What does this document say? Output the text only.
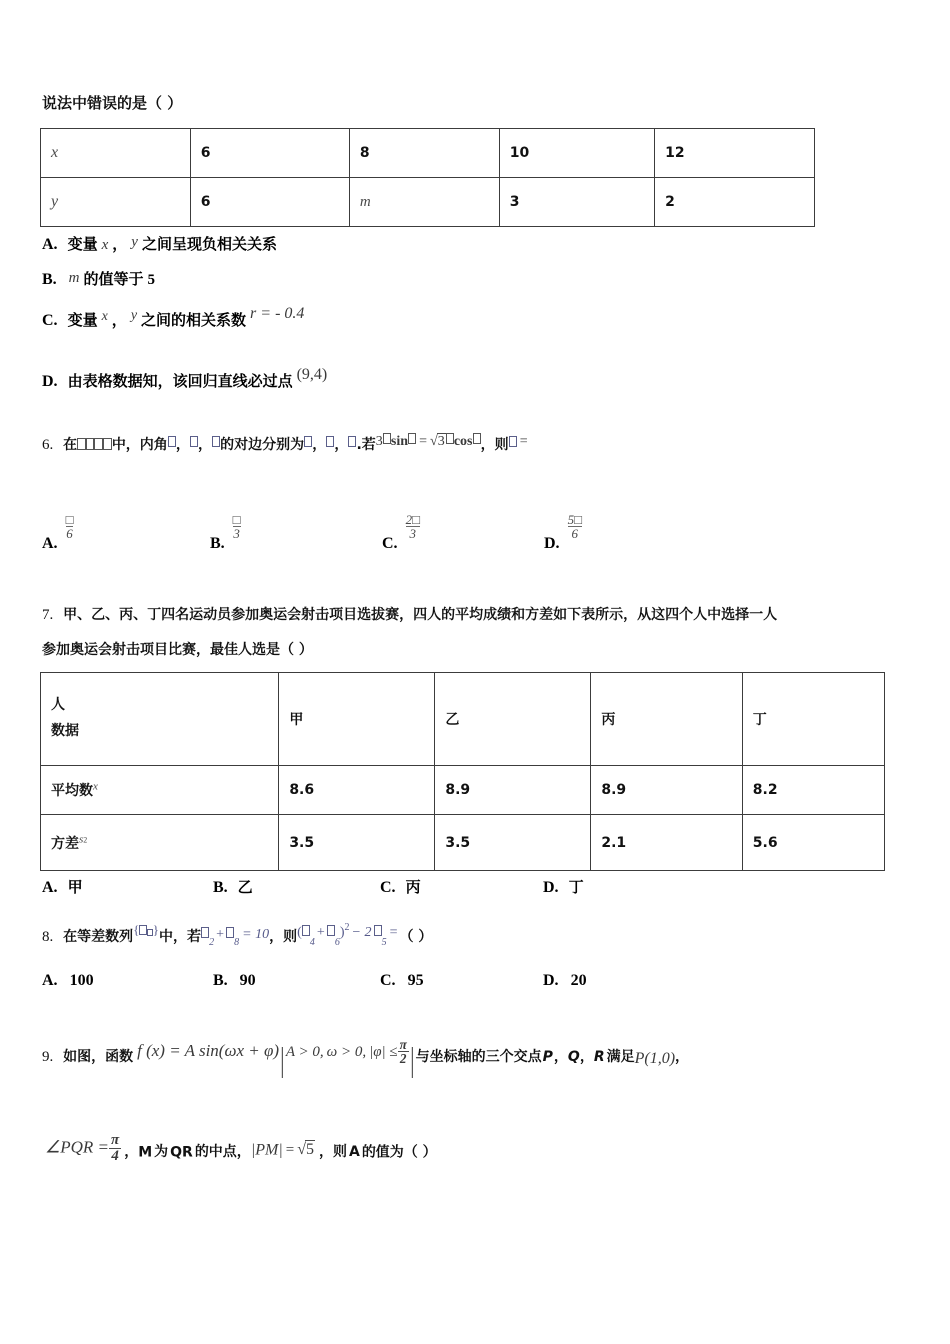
说法中错误的是（ ）
x	6	8	10	12
y	6	m	3	2
A. 变量 x ， y 之间呈现负相关关系
B. m 的值等于 5
C. 变量 x ， y 之间的相关系数 r = - 0.4
D. 由表格数据知，该回归直线必过点 (9,4)
6. 在 中，内角 ， ， 的对边分别为 ， ， .若3 sin = √3 cos ，则 =
A.
$\frac{□}{6}$
B.
$\frac{□}{3}$
C.
$\frac{2□}{3}$
D.
$\frac{5□}{6}$
7. 甲、乙、丙、丁四名运动员参加奥运会射击项目选拔赛，四人的平均成绩和方差如下表所示，从这四个人中选择一人
参加奥运会射击项目比赛，最佳人选是（ ）
人
数据	甲	乙	丙	丁
平均数$^x$	8.6	8.9	8.9	8.2
方差$^{s2}$	3.5	3.5	2.1	5.6
A. 甲	B. 乙	C. 丙	D. 丁
8. 在等差数列{ }中，若 $_2+_8= 10$，则$(_4+_6)^2 - 2_5=$ （ ）
A. 100	B. 90	C. 95	D. 20
9. 如图，函数 f (x) = A sin(ωx + φ)|A > 0, ω > 0, $|\varphi| \le \frac{\pi}{2}$ |与坐标轴的三个交点P，Q，R 满足P(1,0)，
∠PQR = $\frac{\pi}{4}$ ，M 为 QR 的中点，|PM| = √5 ，则 A 的值为（ ）
